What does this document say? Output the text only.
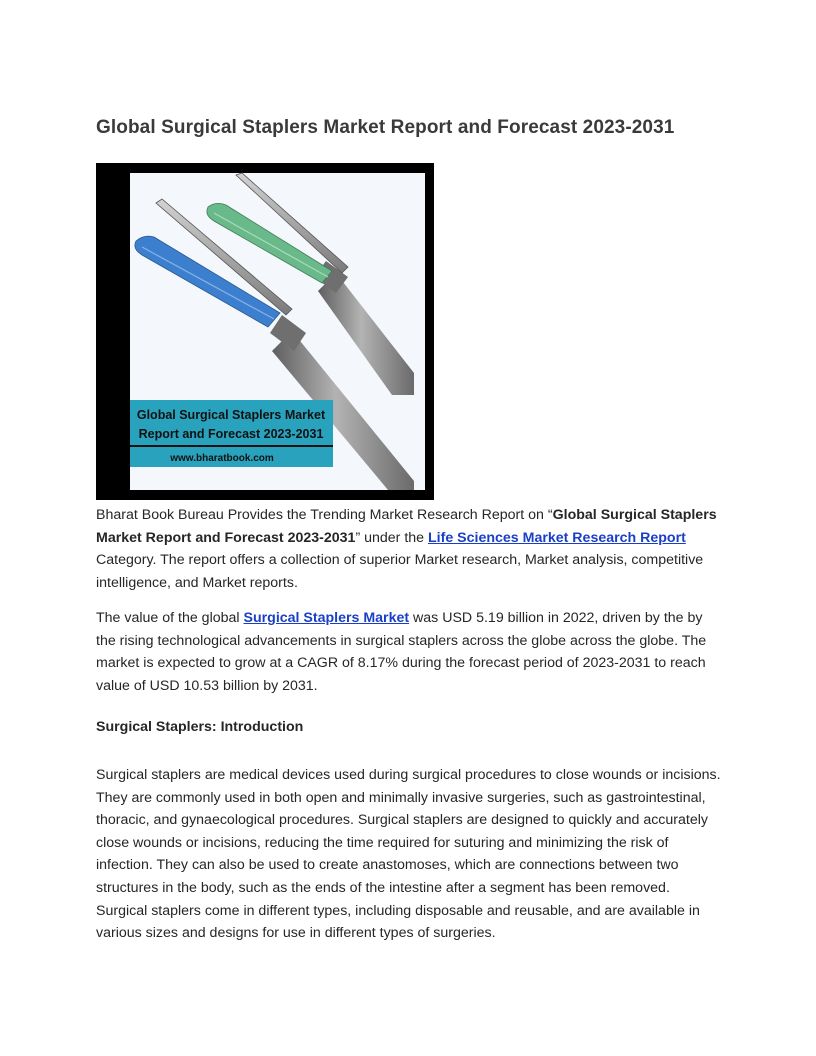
Global Surgical Staplers Market Report and Forecast 2023-2031
Global Surgical Staplers Market
Report and Forecast 2023-2031
www.bharatbook.com

Bharat Book Bureau Provides the Trending Market Research Report on “Global Surgical Staplers Market Report and Forecast 2023-2031” under the Life Sciences Market Research Report Category. The report offers a collection of superior Market research, Market analysis, competitive intelligence, and Market reports.

The value of the global Surgical Staplers Market was USD 5.19 billion in 2022, driven by the by the rising technological advancements in surgical staplers across the globe across the globe. The market is expected to grow at a CAGR of 8.17% during the forecast period of 2023-2031 to reach value of USD 10.53 billion by 2031.

Surgical Staplers: Introduction

Surgical staplers are medical devices used during surgical procedures to close wounds or incisions. They are commonly used in both open and minimally invasive surgeries, such as gastrointestinal, thoracic, and gynaecological procedures. Surgical staplers are designed to quickly and accurately close wounds or incisions, reducing the time required for suturing and minimizing the risk of infection. They can also be used to create anastomoses, which are connections between two structures in the body, such as the ends of the intestine after a segment has been removed. Surgical staplers come in different types, including disposable and reusable, and are available in various sizes and designs for use in different types of surgeries.
